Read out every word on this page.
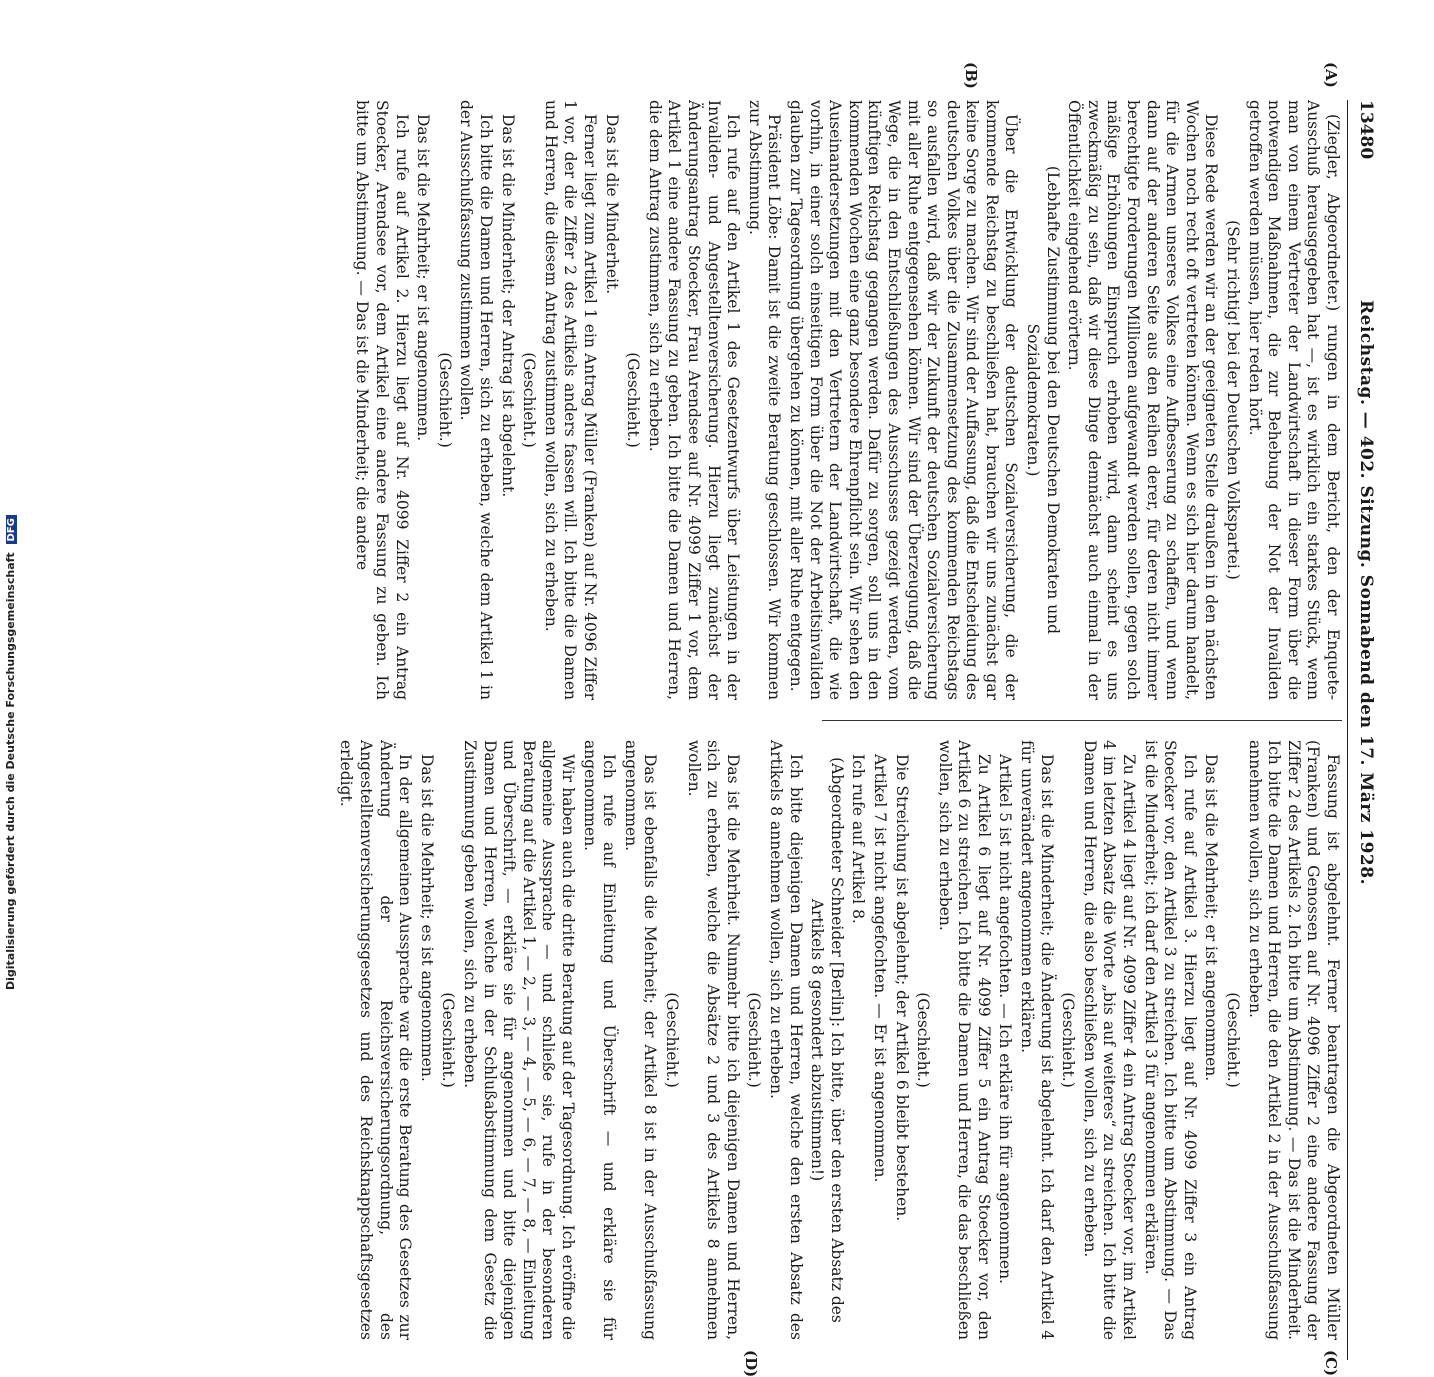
13480
Reichstag. — 402. Sitzung. Sonnabend den 17. März 1928.
(A)
(B)
(C)
(D)

(Ziegler, Abgeordneter.) rungen in dem Bericht, den der Enquete-Ausschuß herausgegeben hat —, ist es wirklich ein starkes Stück, wenn man von einem Vertreter der Landwirtschaft in dieser Form über die notwendigen Maßnahmen, die zur Behebung der Not der Invaliden getroffen werden müssen, hier reden hört.

(Sehr richtig! bei der Deutschen Volkspartei.)

Diese Rede werden wir an der geeigneten Stelle draußen in den nächsten Wochen noch recht oft vertreten können. Wenn es sich hier darum handelt, für die Armen unseres Volkes eine Aufbesserung zu schaffen, und wenn dann auf der anderen Seite aus den Reihen derer, für deren nicht immer berechtigte Forderungen Millionen aufgewandt werden sollen, gegen solch mäßige Erhöhungen Einspruch erhoben wird, dann scheint es uns zweckmäßig zu sein, daß wir diese Dinge demnächst auch einmal in der Öffentlichkeit eingehend erörtern.

(Lebhafte Zustimmung bei den Deutschen Demokraten und Sozialdemokraten.)

Über die Entwicklung der deutschen Sozialversicherung, die der kommende Reichstag zu beschließen hat, brauchen wir uns zunächst gar keine Sorge zu machen. Wir sind der Auffassung, daß die Entscheidung des deutschen Volkes über die Zusammensetzung des kommenden Reichstags so ausfallen wird, daß wir der Zukunft der deutschen Sozialversicherung mit aller Ruhe entgegensehen können. Wir sind der Überzeugung, daß die Wege, die in den Entschließungen des Ausschusses gezeigt werden, vom künftigen Reichstag gegangen werden. Dafür zu sorgen, soll uns in den kommenden Wochen eine ganz besondere Ehrenpflicht sein. Wir sehen den Auseinandersetzungen mit den Vertretern der Landwirtschaft, die wie vorhin, in einer solch einseitigen Form über die Not der Arbeitsinvaliden glauben zur Tagesordnung übergehen zu können, mit aller Ruhe entgegen.

Präsident Löbe: Damit ist die zweite Beratung geschlossen. Wir kommen zur Abstimmung.

Ich rufe auf den Artikel 1 des Gesetzentwurfs über Leistungen in der Invaliden- und Angestelltenversicherung. Hierzu liegt zunächst der Änderungsantrag Stoecker, Frau Arendsee auf Nr. 4099 Ziffer 1 vor, dem Artikel 1 eine andere Fassung zu geben. Ich bitte die Damen und Herren, die dem Antrag zustimmen, sich zu erheben.

(Geschieht.)

Das ist die Minderheit.

Ferner liegt zum Artikel 1 ein Antrag Müller (Franken) auf Nr. 4096 Ziffer 1 vor, der die Ziffer 2 des Artikels anders fassen will. Ich bitte die Damen und Herren, die diesem Antrag zustimmen wollen, sich zu erheben.

(Geschieht.)

Das ist die Minderheit; der Antrag ist abgelehnt.

Ich bitte die Damen und Herren, sich zu erheben, welche dem Artikel 1 in der Ausschußfassung zustimmen wollen.

(Geschieht.)

Das ist die Mehrheit; er ist angenommen.

Ich rufe auf Artikel 2. Hierzu liegt auf Nr. 4099 Ziffer 2 ein Antrag Stoecker, Arendsee vor, dem Artikel eine andere Fassung zu geben. Ich bitte um Abstimmung. — Das ist die Minderheit; die andere

Fassung ist abgelehnt. Ferner beantragen die Abgeordneten Müller (Franken) und Genossen auf Nr. 4096 Ziffer 2 eine andere Fassung der Ziffer 2 des Artikels 2. Ich bitte um Abstimmung. — Das ist die Minderheit. Ich bitte die Damen und Herren, die den Artikel 2 in der Ausschußfassung annehmen wollen, sich zu erheben.

(Geschieht.)

Das ist die Mehrheit; er ist angenommen.

Ich rufe auf Artikel 3. Hierzu liegt auf Nr. 4099 Ziffer 3 ein Antrag Stoecker vor, den Artikel 3 zu streichen. Ich bitte um Abstimmung. — Das ist die Minderheit; ich darf den Artikel 3 für angenommen erklären.

Zu Artikel 4 liegt auf Nr. 4099 Ziffer 4 ein Antrag Stoecker vor, im Artikel 4 im letzten Absatz die Worte „bis auf weiteres“ zu streichen. Ich bitte die Damen und Herren, die also beschließen wollen, sich zu erheben.

(Geschieht.)

Das ist die Minderheit; die Änderung ist abgelehnt. Ich darf den Artikel 4 für unverändert angenommen erklären.

Artikel 5 ist nicht angefochten. — Ich erkläre ihn für angenommen.

Zu Artikel 6 liegt auf Nr. 4099 Ziffer 5 ein Antrag Stoecker vor, den Artikel 6 zu streichen. Ich bitte die Damen und Herren, die das beschließen wollen, sich zu erheben.

(Geschieht.)

Die Streichung ist abgelehnt; der Artikel 6 bleibt bestehen.

Artikel 7 ist nicht angefochten. — Er ist angenommen.

Ich rufe auf Artikel 8.

(Abgeordneter Schneider [Berlin]: Ich bitte, über den ersten Absatz des Artikels 8 gesondert abzustimmen!)

Ich bitte diejenigen Damen und Herren, welche den ersten Absatz des Artikels 8 annehmen wollen, sich zu erheben.

(Geschieht.)

Das ist die Mehrheit. Nunmehr bitte ich diejenigen Damen und Herren, sich zu erheben, welche die Absätze 2 und 3 des Artikels 8 annehmen wollen.

(Geschieht.)

Das ist ebenfalls die Mehrheit; der Artikel 8 ist in der Ausschußfassung angenommen.

Ich rufe auf Einleitung und Überschrift — und erkläre sie für angenommen.

Wir haben auch die dritte Beratung auf der Tagesordnung. Ich eröffne die allgemeine Aussprache — und schließe sie, rufe in der besonderen Beratung auf die Artikel 1, — 2, — 3, — 4, — 5, — 6, — 7, — 8, — Einleitung und Überschrift, — erkläre sie für angenommen und bitte diejenigen Damen und Herren, welche in der Schlußabstimmung dem Gesetz die Zustimmung geben wollen, sich zu erheben.

(Geschieht.)

Das ist die Mehrheit; es ist angenommen.

In der allgemeinen Aussprache war die erste Beratung des Gesetzes zur Änderung der Reichsversicherungsordnung, des Angestelltenversicherungsgesetzes und des Reichsknappschaftsgesetzes erledigt.

Digitalisierung gefördert durch die Deutsche Forschungsgemeinschaft DFG
